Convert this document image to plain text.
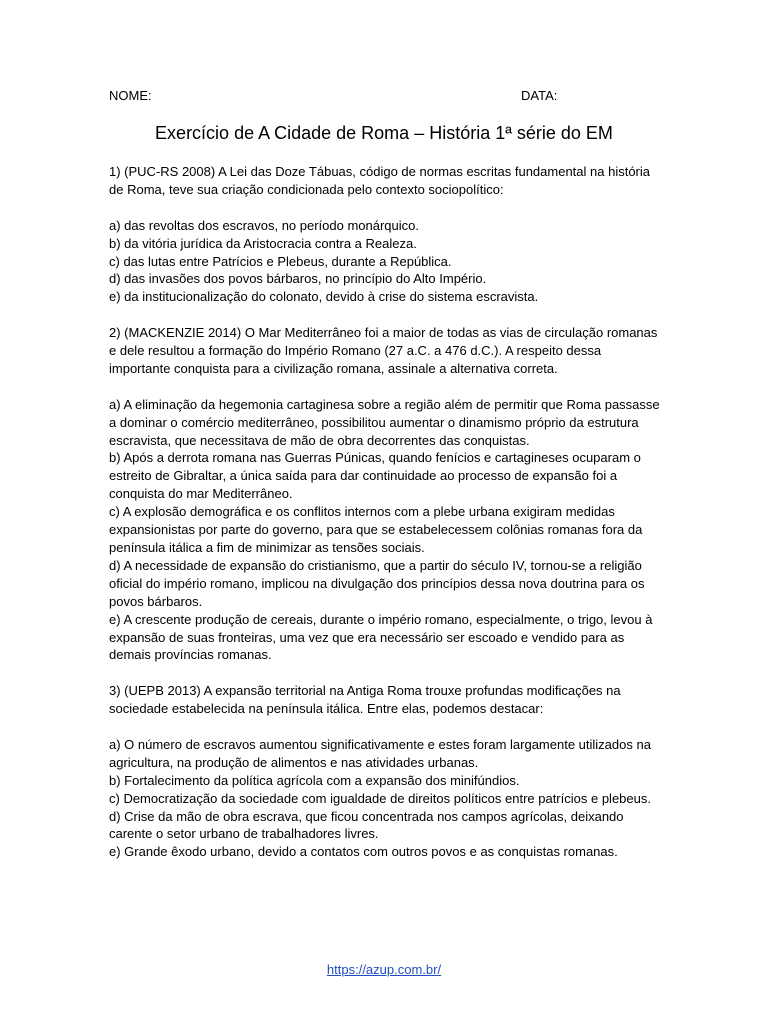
NOME:	DATA:
Exercício de A Cidade de Roma – História 1ª série do EM
1) (PUC-RS 2008) A Lei das Doze Tábuas, código de normas escritas fundamental na história de Roma, teve sua criação condicionada pelo contexto sociopolítico:
a) das revoltas dos escravos, no período monárquico.
b) da vitória jurídica da Aristocracia contra a Realeza.
c) das lutas entre Patrícios e Plebeus, durante a República.
d) das invasões dos povos bárbaros, no princípio do Alto Império.
e) da institucionalização do colonato, devido à crise do sistema escravista.
2) (MACKENZIE 2014) O Mar Mediterrâneo foi a maior de todas as vias de circulação romanas e dele resultou a formação do Império Romano (27 a.C. a 476 d.C.). A respeito dessa importante conquista para a civilização romana, assinale a alternativa correta.
a) A eliminação da hegemonia cartaginesa sobre a região além de permitir que Roma passasse a dominar o comércio mediterrâneo, possibilitou aumentar o dinamismo próprio da estrutura escravista, que necessitava de mão de obra decorrentes das conquistas.
b) Após a derrota romana nas Guerras Púnicas, quando fenícios e cartagineses ocuparam o estreito de Gibraltar, a única saída para dar continuidade ao processo de expansão foi a conquista do mar Mediterrâneo.
c) A explosão demográfica e os conflitos internos com a plebe urbana exigiram medidas expansionistas por parte do governo, para que se estabelecessem colônias romanas fora da península itálica a fim de minimizar as tensões sociais.
d) A necessidade de expansão do cristianismo, que a partir do século IV, tornou-se a religião oficial do império romano, implicou na divulgação dos princípios dessa nova doutrina para os povos bárbaros.
e) A crescente produção de cereais, durante o império romano, especialmente, o trigo, levou à expansão de suas fronteiras, uma vez que era necessário ser escoado e vendido para as demais províncias romanas.
3) (UEPB 2013) A expansão territorial na Antiga Roma trouxe profundas modificações na sociedade estabelecida na península itálica. Entre elas, podemos destacar:
a) O número de escravos aumentou significativamente e estes foram largamente utilizados na agricultura, na produção de alimentos e nas atividades urbanas.
b) Fortalecimento da política agrícola com a expansão dos minifúndios.
c) Democratização da sociedade com igualdade de direitos políticos entre patrícios e plebeus.
d) Crise da mão de obra escrava, que ficou concentrada nos campos agrícolas, deixando carente o setor urbano de trabalhadores livres.
e) Grande êxodo urbano, devido a contatos com outros povos e as conquistas romanas.
https://azup.com.br/
